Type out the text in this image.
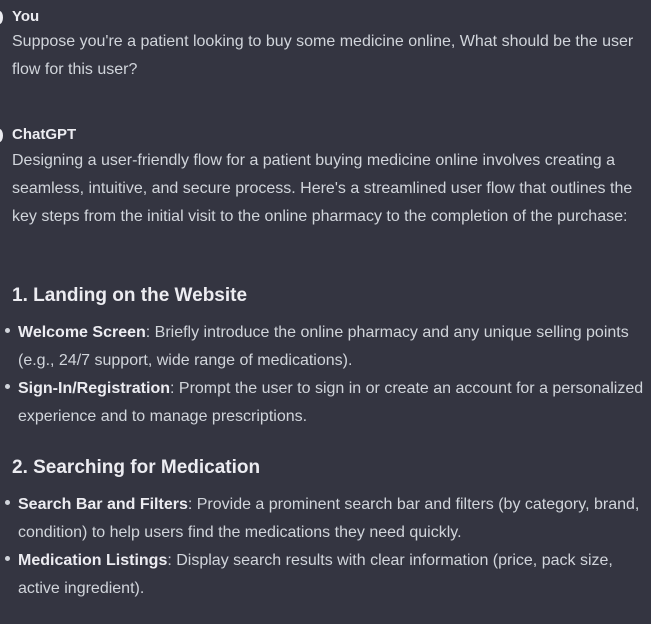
You
Suppose you're a patient looking to buy some medicine online, What should be the user flow for this user?
ChatGPT
Designing a user-friendly flow for a patient buying medicine online involves creating a seamless, intuitive, and secure process. Here's a streamlined user flow that outlines the key steps from the initial visit to the online pharmacy to the completion of the purchase:
1. Landing on the Website
Welcome Screen: Briefly introduce the online pharmacy and any unique selling points (e.g., 24/7 support, wide range of medications).
Sign-In/Registration: Prompt the user to sign in or create an account for a personalized experience and to manage prescriptions.
2. Searching for Medication
Search Bar and Filters: Provide a prominent search bar and filters (by category, brand, condition) to help users find the medications they need quickly.
Medication Listings: Display search results with clear information (price, pack size, active ingredient).
